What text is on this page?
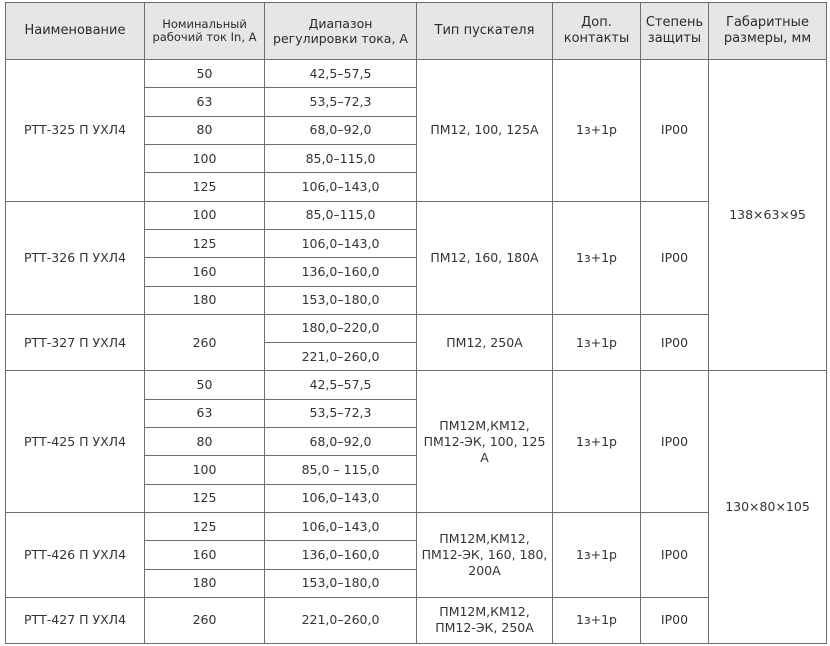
Наименование	Номинальный рабочий ток In, А	Диапазон регулировки тока, А	Тип пускателя	Доп. контакты	Степень защиты	Габаритные размеры, мм
РТТ-325 П УХЛ4	50	42,5–57,5	ПМ12, 100, 125А	1з+1р	IP00	138×63×95
	63	53,5–72,3				
	80	68,0–92,0				
	100	85,0–115,0				
	125	106,0–143,0				
РТТ-326 П УХЛ4	100	85,0–115,0	ПМ12, 160, 180А	1з+1р	IP00	
	125	106,0–143,0				
	160	136,0–160,0				
	180	153,0–180,0				
РТТ-327 П УХЛ4	260	180,0–220,0	ПМ12, 250А	1з+1р	IP00	
		221,0–260,0				
РТТ-425 П УХЛ4	50	42,5–57,5	ПМ12М,КМ12, ПМ12-ЭК, 100, 125 А	1з+1р	IP00	130×80×105
	63	53,5–72,3				
	80	68,0–92,0				
	100	85,0 – 115,0				
	125	106,0–143,0				
РТТ-426 П УХЛ4	125	106,0–143,0	ПМ12М,КМ12, ПМ12-ЭК, 160, 180, 200А	1з+1р	IP00	
	160	136,0–160,0				
	180	153,0–180,0				
РТТ-427 П УХЛ4	260	221,0–260,0	ПМ12М,КМ12, ПМ12-ЭК, 250А	1з+1р	IP00	
